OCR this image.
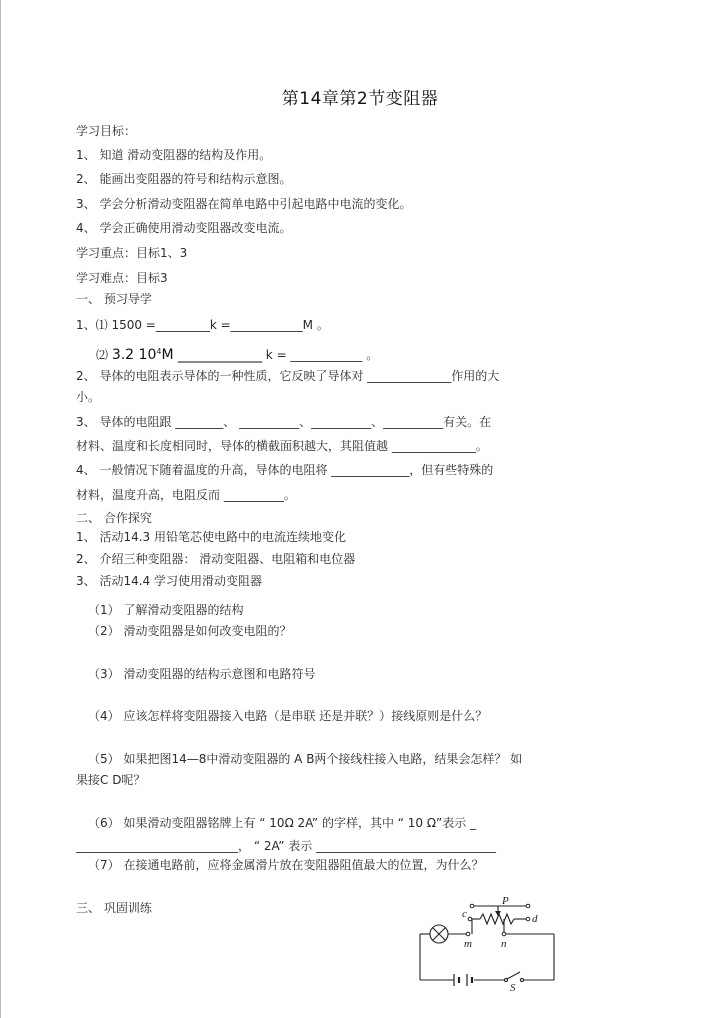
第14章第2节变阻器
学习目标：
1、 知道 滑动变阻器的结构及作用。
2、 能画出变阻器的符号和结构示意图。
3、 学会分析滑动变阻器在简单电路中引起电路中电流的变化。
4、 学会正确使用滑动变阻器改变电流。
学习重点：目标1、3
学习难点：目标3
一、 预习导学
1、⑴ 1500 =_________k =____________M 。
⑵ 3.2 $10^4M$ ____________ k = ____________ 。
2、 导体的电阻表示导体的一种性质，它反映了导体对 ______________作用的大
小。
3、 导体的电阻跟 ________、 __________、__________、__________有关。在
材料、温度和长度相同时，导体的横截面积越大，其阻值越 ______________。
4、 一般情况下随着温度的升高，导体的电阻将 _____________，但有些特殊的
材料，温度升高，电阻反而 __________。
二、 合作探究
1、 活动14.3 用铅笔芯使电路中的电流连续地变化
2、 介绍三种变阻器： 滑动变阻器、电阻箱和电位器
3、 活动14.4 学习使用滑动变阻器
（1） 了解滑动变阻器的结构
（2） 滑动变阻器是如何改变电阻的？
（3） 滑动变阻器的结构示意图和电路符号
（4） 应该怎样将变阻器接入电路（是串联 还是并联？）接线原则是什么？
（5） 如果把图14—8中滑动变阻器的 A B两个接线柱接入电路，结果会怎样？ 如
果接C D呢？
（6） 如果滑动变阻器铭牌上有 “ 10Ω 2A” 的字样，其中 “ 10 Ω”表示 _
___________________________， “ 2A” 表示 ______________________________
（7） 在接通电路前，应将金属滑片放在变阻器阻值最大的位置，为什么？
三、 巩固训练	c
P
d
m	n
S
